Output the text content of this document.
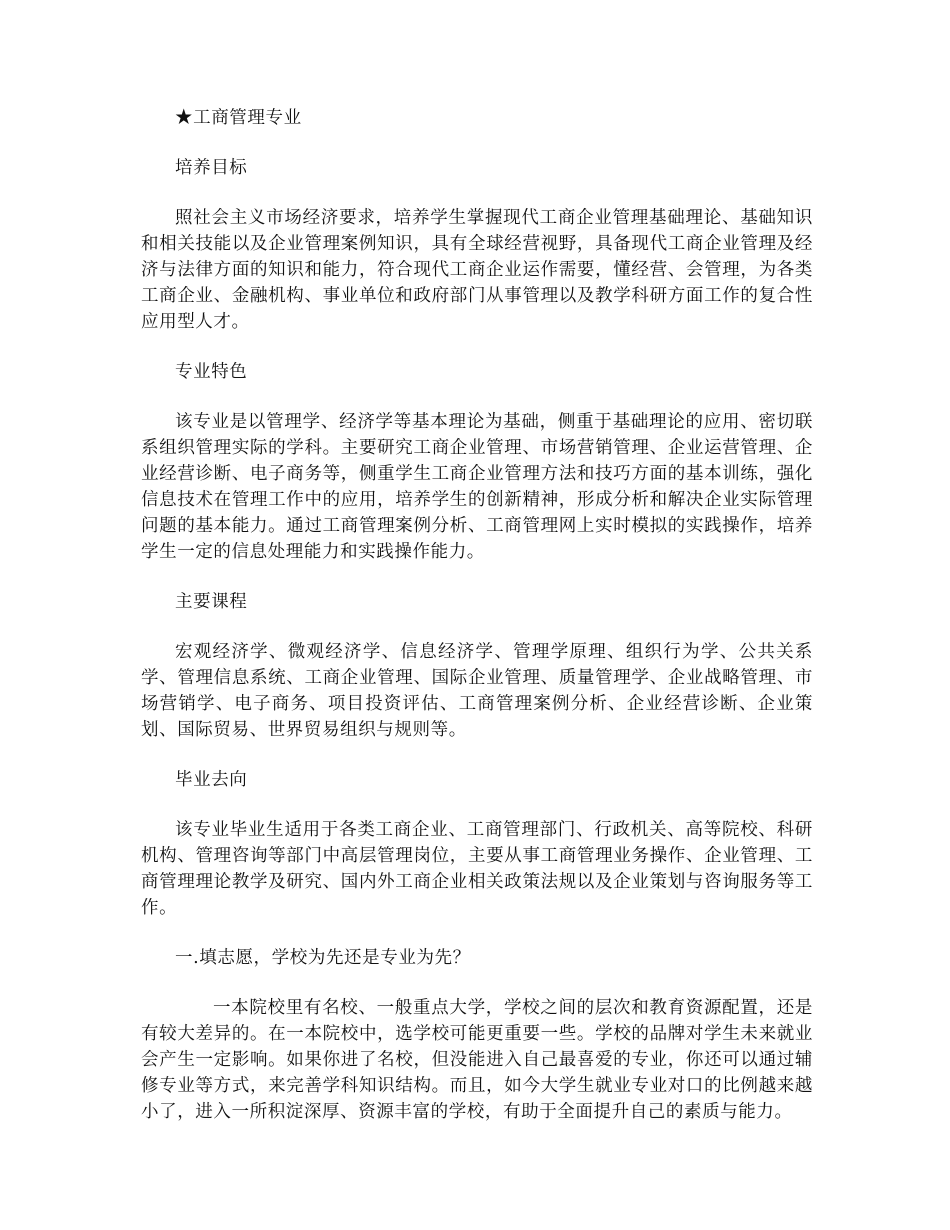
★工商管理专业
培养目标
照社会主义市场经济要求，培养学生掌握现代工商企业管理基础理论、基础知识和相关技能以及企业管理案例知识，具有全球经营视野，具备现代工商企业管理及经济与法律方面的知识和能力，符合现代工商企业运作需要，懂经营、会管理，为各类工商企业、金融机构、事业单位和政府部门从事管理以及教学科研方面工作的复合性应用型人才。
专业特色
该专业是以管理学、经济学等基本理论为基础，侧重于基础理论的应用、密切联系组织管理实际的学科。主要研究工商企业管理、市场营销管理、企业运营管理、企业经营诊断、电子商务等，侧重学生工商企业管理方法和技巧方面的基本训练，强化信息技术在管理工作中的应用，培养学生的创新精神，形成分析和解决企业实际管理问题的基本能力。通过工商管理案例分析、工商管理网上实时模拟的实践操作，培养学生一定的信息处理能力和实践操作能力。
主要课程
宏观经济学、微观经济学、信息经济学、管理学原理、组织行为学、公共关系学、管理信息系统、工商企业管理、国际企业管理、质量管理学、企业战略管理、市场营销学、电子商务、项目投资评估、工商管理案例分析、企业经营诊断、企业策划、国际贸易、世界贸易组织与规则等。
毕业去向
该专业毕业生适用于各类工商企业、工商管理部门、行政机关、高等院校、科研机构、管理咨询等部门中高层管理岗位，主要从事工商管理业务操作、企业管理、工商管理理论教学及研究、国内外工商企业相关政策法规以及企业策划与咨询服务等工作。
一.填志愿，学校为先还是专业为先？
一本院校里有名校、一般重点大学，学校之间的层次和教育资源配置，还是有较大差异的。在一本院校中，选学校可能更重要一些。学校的品牌对学生未来就业会产生一定影响。如果你进了名校，但没能进入自己最喜爱的专业，你还可以通过辅修专业等方式，来完善学科知识结构。而且，如今大学生就业专业对口的比例越来越小了，进入一所积淀深厚、资源丰富的学校，有助于全面提升自己的素质与能力。
